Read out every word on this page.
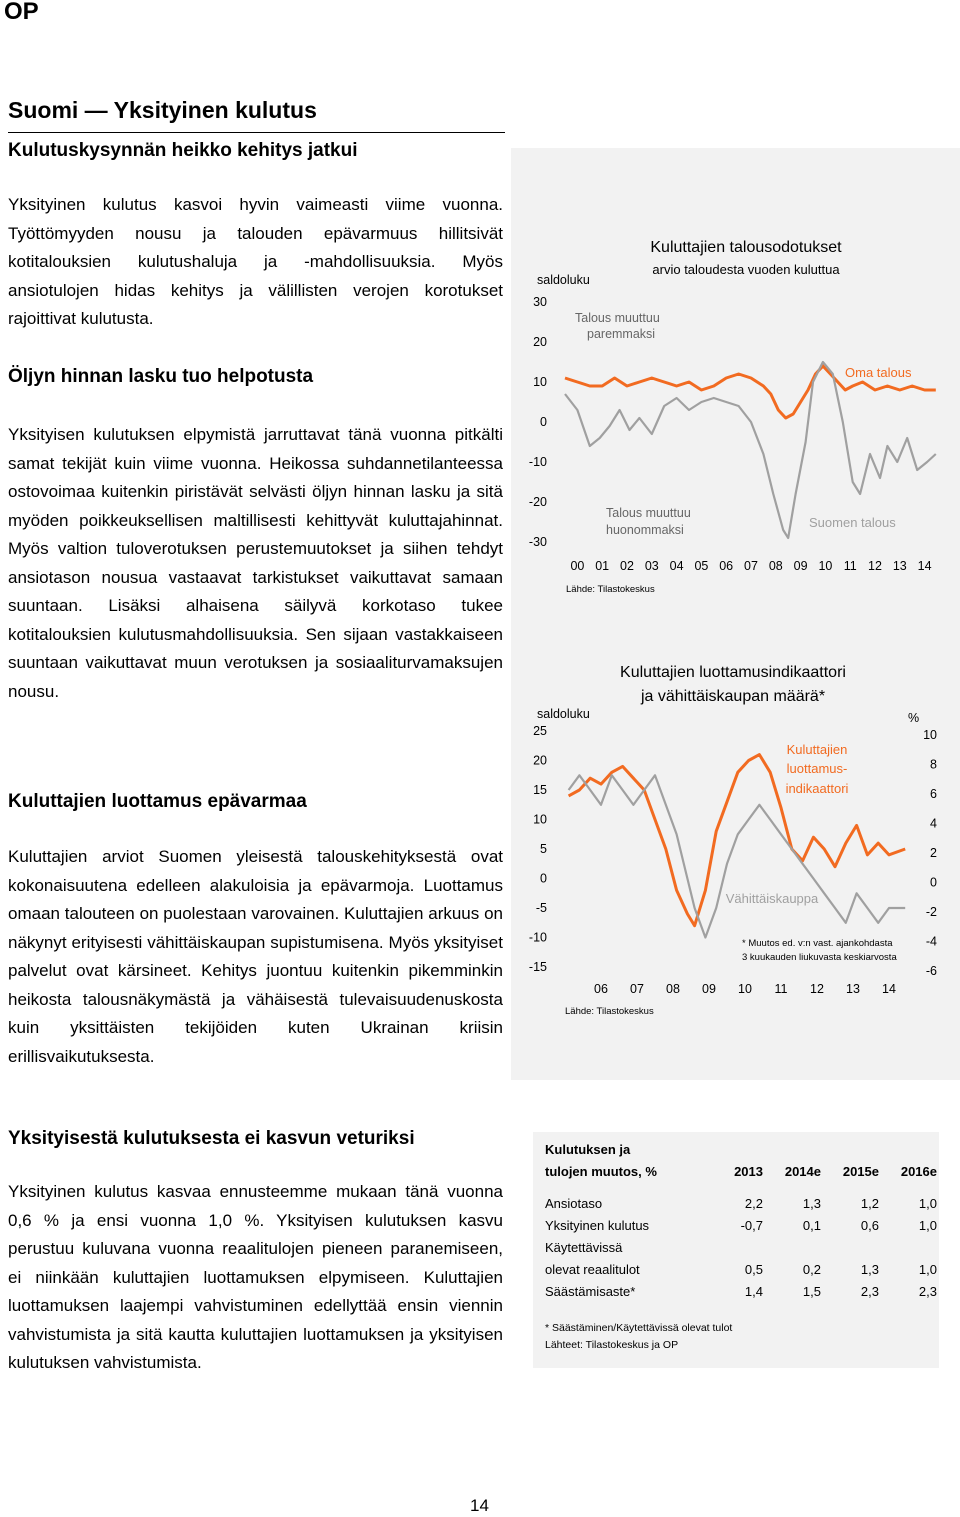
OP
Suomi — Yksityinen kulutus
Kulutuskysynnän heikko kehitys jatkui
Yksityinen kulutus kasvoi hyvin vaimeasti viime vuonna. Työttömyyden nousu ja talouden epävarmuus hillitsivät kotitalouksien kulutushaluja ja -mahdollisuuksia. Myös ansiotulojen hidas kehitys ja välillisten verojen korotukset rajoittivat kulutusta.
Öljyn hinnan lasku tuo helpotusta
Yksityisen kulutuksen elpymistä jarruttavat tänä vuonna pitkälti samat tekijät kuin viime vuonna. Heikossa suhdannetilanteessa ostovoimaa kuitenkin piristävät selvästi öljyn hinnan lasku ja sitä myöden poikkeuksellisen maltillisesti kehittyvät kuluttajahinnat. Myös valtion tuloverotuksen perustemuutokset ja siihen tehdyt ansiotason nousua vastaavat tarkistukset vaikuttavat samaan suuntaan. Lisäksi alhaisena säilyvä korkotaso tukee kotitalouksien kulutusmahdollisuuksia. Sen sijaan vastakkaiseen suuntaan vaikuttavat muun verotuksen ja sosiaaliturvamaksujen nousu.
Kuluttajien luottamus epävarmaa
Kuluttajien arviot Suomen yleisestä talouskehityksestä ovat kokonaisuutena edelleen alakuloisia ja epävarmoja. Luottamus omaan talouteen on puolestaan varovainen. Kuluttajien arkuus on näkynyt erityisesti vähittäiskaupan supistumisena. Myös yksityiset palvelut ovat kärsineet. Kehitys juontuu kuitenkin pikemminkin heikosta talousnäkymästä ja vähäisestä tulevaisuudenuskosta kuin yksittäisten tekijöiden kuten Ukrainan kriisin erillisvaikutuksesta.
Yksityisestä kulutuksesta ei kasvun veturiksi
Yksityinen kulutus kasvaa ennusteemme mukaan tänä vuonna 0,6 % ja ensi vuonna 1,0 %. Yksityisen kulutuksen kasvu perustuu kuluvana vuonna reaalitulojen pieneen paranemiseen, ei niinkään kuluttajien luottamuksen elpymiseen. Kuluttajien luottamuksen laajempi vahvistuminen edellyttää ensin viennin vahvistumista ja sitä kautta kuluttajien luottamuksen ja yksityisen kulutuksen vahvistumista.
Kuluttajien talousodotukset
arvio taloudesta vuoden kuluttua
saldoluku
Talous muuttuu
paremmaksi
Talous muuttuu
huonommaksi
Oma talous
Suomen talous
30
20
10
0
-10
-20
-30
00 01 02 03 04 05 06 07 08 09 10 11 12 13 14
Lähde: Tilastokeskus
Kuluttajien luottamusindikaattori
ja vähittäiskaupan määrä*
saldoluku	%
Kuluttajien
luottamus-
indikaattori
Vähittäiskauppa
* Muutos ed. v:n vast. ajankohdasta
3 kuukauden liukuvasta keskiarvosta
25
20
15
10
5
0
-5
-10
-15
10
8
6
4
2
0
-2
-4
-6
06 07 08 09 10 11 12 13 14
Lähde: Tilastokeskus
Kulutuksen ja				
tulojen muutos, %	2013	2014e	2015e	2016e

Ansiotaso	2,2	1,3	1,2	1,0
Yksityinen kulutus	-0,7	0,1	0,6	1,0
Käytettävissä				
olevat reaalitulot	0,5	0,2	1,3	1,0
Säästämisaste*	1,4	1,5	2,3	2,3
* Säästäminen/Käytettävissä olevat tulot
Lähteet: Tilastokeskus ja OP
14
